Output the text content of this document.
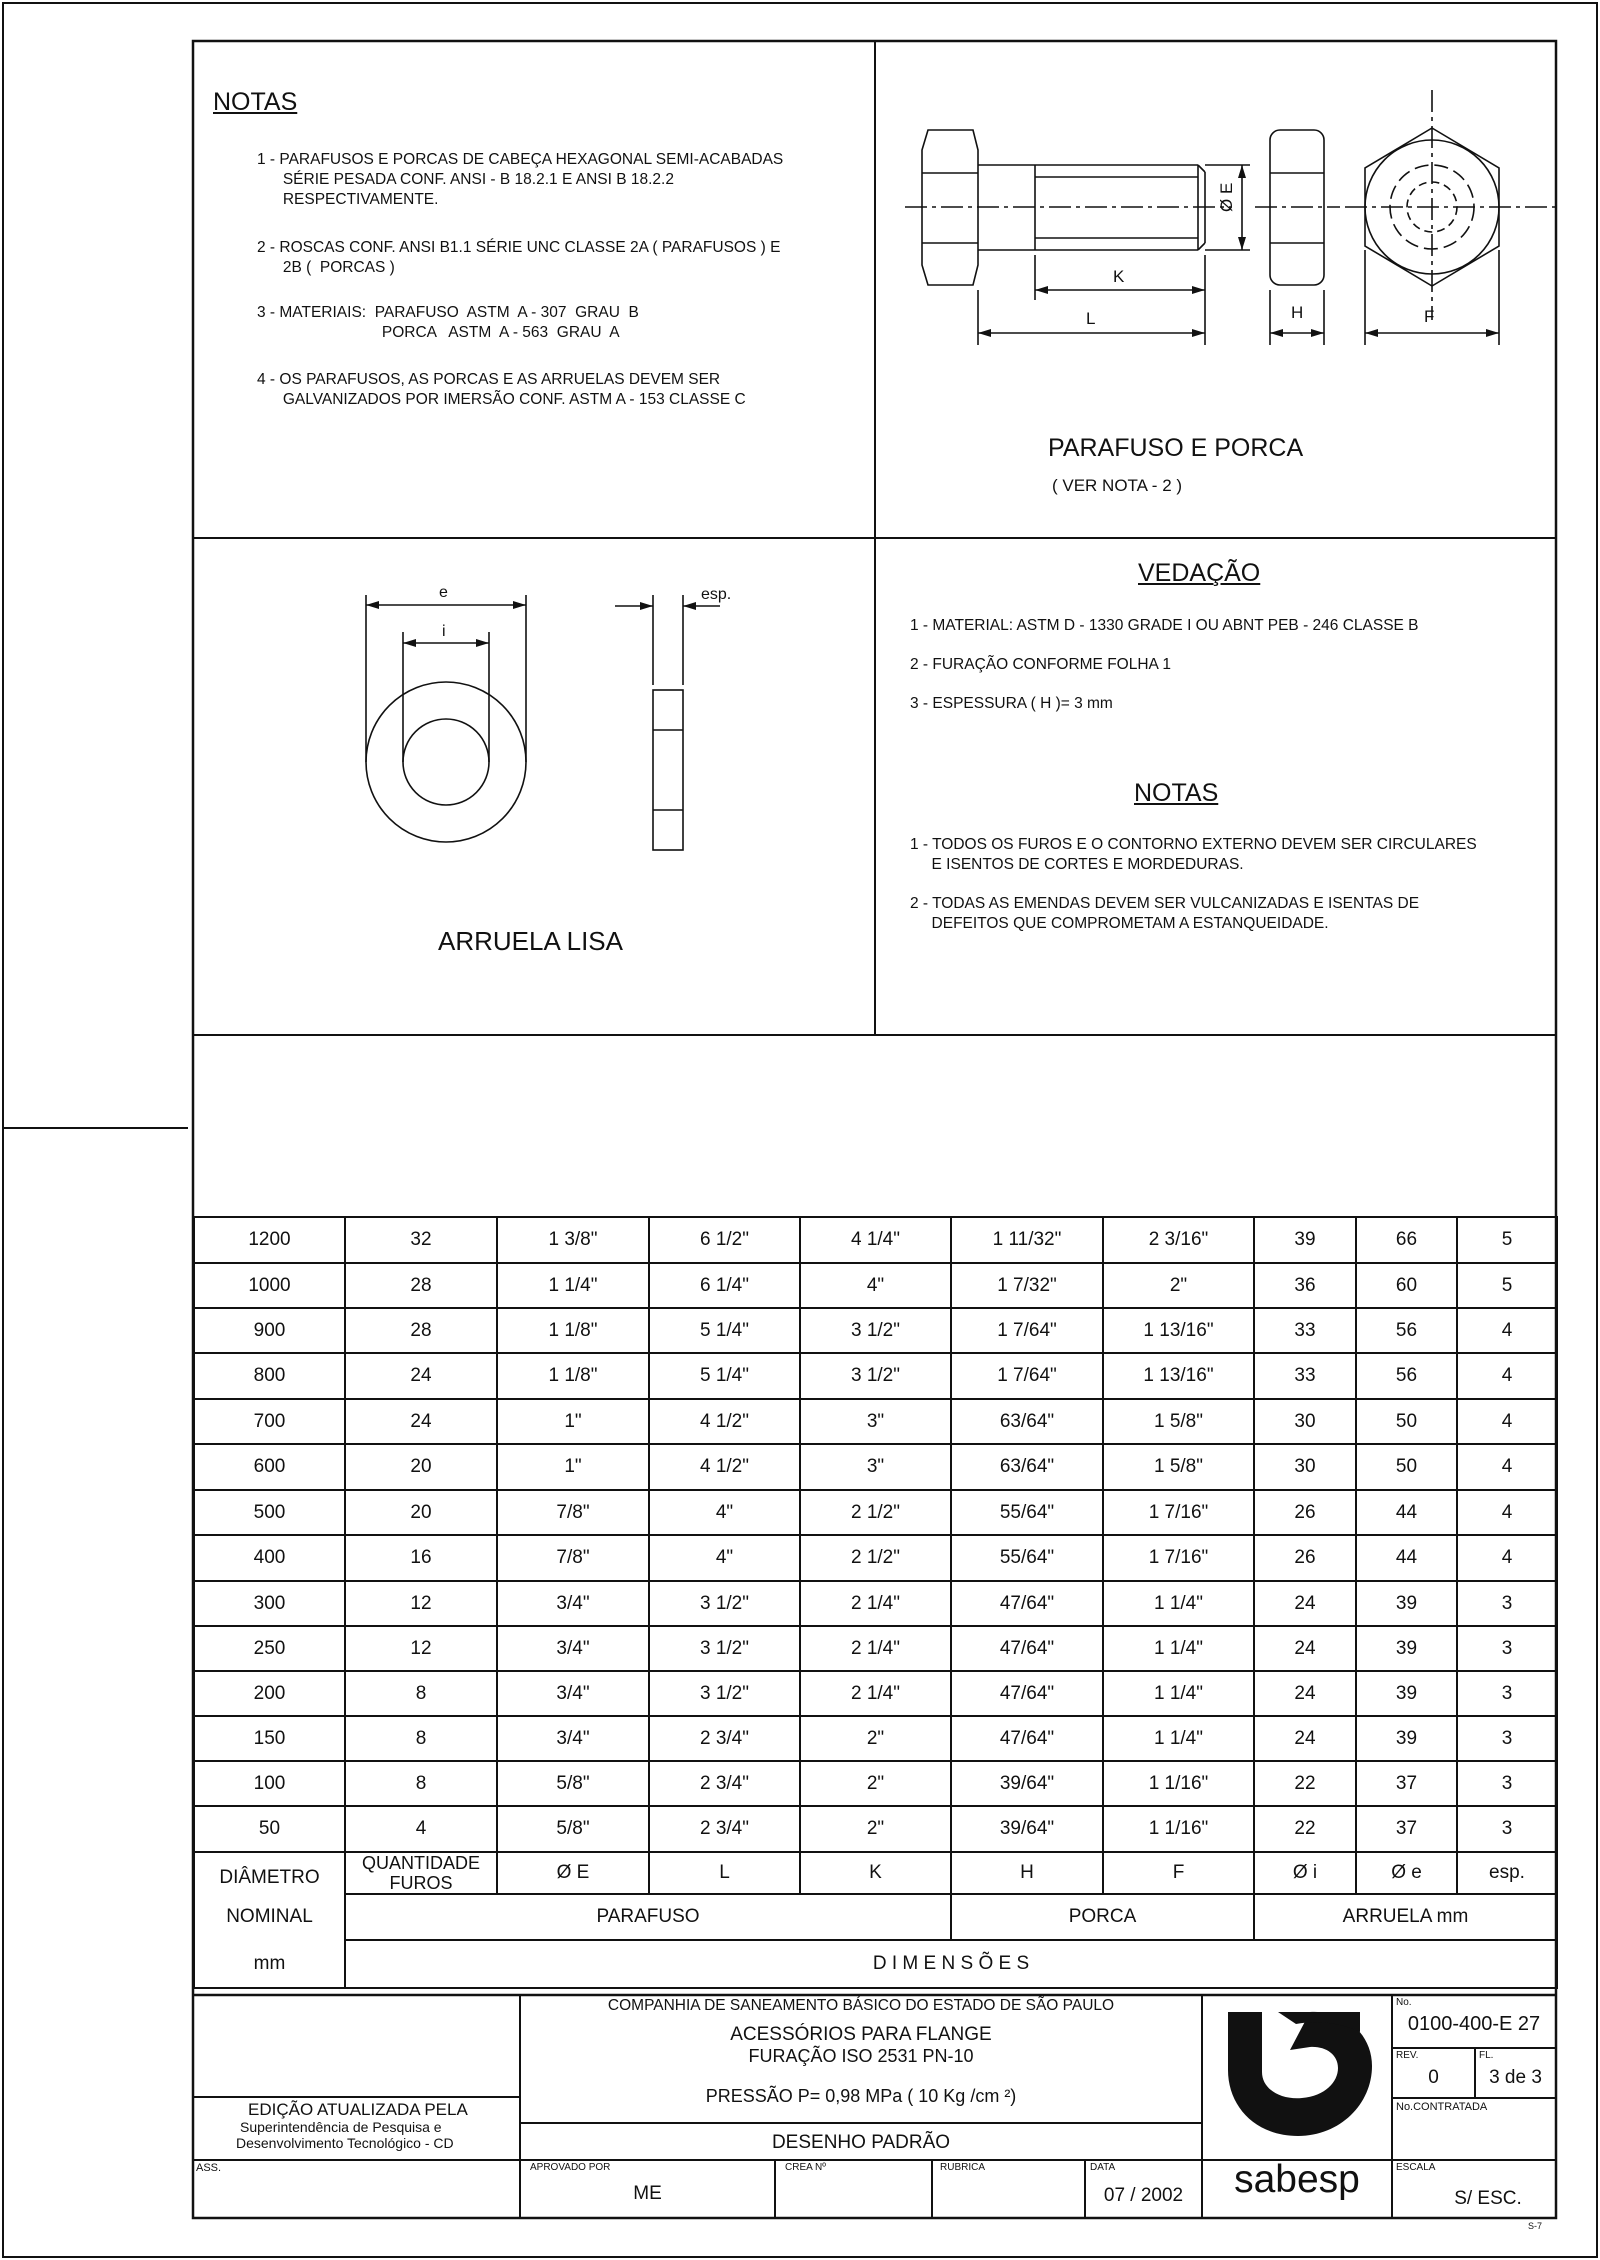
NOTAS
1 - PARAFUSOS E PORCAS DE CABEÇA HEXAGONAL SEMI-ACABADAS
SÉRIE PESADA CONF. ANSI - B 18.2.1 E ANSI B 18.2.2
RESPECTIVAMENTE.
2 - ROSCAS CONF. ANSI B1.1 SÉRIE UNC CLASSE 2A ( PARAFUSOS ) E
2B (  PORCAS )
3 - MATERIAIS:  PARAFUSO  ASTM  A - 307  GRAU  B
PORCA   ASTM  A - 563  GRAU  A
4 - OS PARAFUSOS, AS PORCAS E AS ARRUELAS DEVEM SER
GALVANIZADOS POR IMERSÃO CONF. ASTM A - 153 CLASSE C
Ø E
K
L	H	F
PARAFUSO E PORCA
( VER NOTA - 2 )
e
i
esp.
ARRUELA LISA
VEDAÇÃO
1 - MATERIAL: ASTM D - 1330 GRADE I OU ABNT PEB - 246 CLASSE B
2 - FURAÇÃO CONFORME FOLHA 1
3 - ESPESSURA ( H )= 3 mm
NOTAS
1 - TODOS OS FUROS E O CONTORNO EXTERNO DEVEM SER CIRCULARES
E ISENTOS DE CORTES E MORDEDURAS.
2 - TODAS AS EMENDAS DEVEM SER VULCANIZADAS E ISENTAS DE
DEFEITOS QUE COMPROMETAM A ESTANQUEIDADE.
1200	32	1 3/8"	6 1/2"	4 1/4"	1 11/32"	2 3/16"	39	66	5
1000	28	1 1/4"	6 1/4"	4"	1 7/32"	2"	36	60	5
900	28	1 1/8"	5 1/4"	3 1/2"	1 7/64"	1 13/16"	33	56	4
800	24	1 1/8"	5 1/4"	3 1/2"	1 7/64"	1 13/16"	33	56	4
700	24	1"	4 1/2"	3"	63/64"	1 5/8"	30	50	4
600	20	1"	4 1/2"	3"	63/64"	1 5/8"	30	50	4
500	20	7/8"	4"	2 1/2"	55/64"	1 7/16"	26	44	4
400	16	7/8"	4"	2 1/2"	55/64"	1 7/16"	26	44	4
300	12	3/4"	3 1/2"	2 1/4"	47/64"	1 1/4"	24	39	3
250	12	3/4"	3 1/2"	2 1/4"	47/64"	1 1/4"	24	39	3
200	8	3/4"	3 1/2"	2 1/4"	47/64"	1 1/4"	24	39	3
150	8	3/4"	2 3/4"	2"	47/64"	1 1/4"	24	39	3
100	8	5/8"	2 3/4"	2"	39/64"	1 1/16"	22	37	3
50	4	5/8"	2 3/4"	2"	39/64"	1 1/16"	22	37	3
DIÂMETRO	QUANTIDADE
FUROS	Ø E	L	K	H	F	Ø i	Ø e	esp.
NOMINAL	PARAFUSO				PORCA		ARRUELA mm		
mm	D I M E N S Õ E S								
EDIÇÃO ATUALIZADA PELA
Superintendência de Pesquisa e
Desenvolvimento Tecnológico - CD
ASS.
COMPANHIA DE SANEAMENTO BÁSICO DO ESTADO DE SÃO PAULO
ACESSÓRIOS PARA FLANGE
FURAÇÃO ISO 2531 PN-10
PRESSÃO P= 0,98 MPa ( 10 Kg /cm ²)
DESENHO PADRÃO
APROVADO POR
ME
CREA Nº	RUBRICA	DATA
07 / 2002	sabesp
No.
0100-400-E 27
REV.
0
FL.
3 de 3
No.CONTRATADA
ESCALA
S/ ESC.
S-7
